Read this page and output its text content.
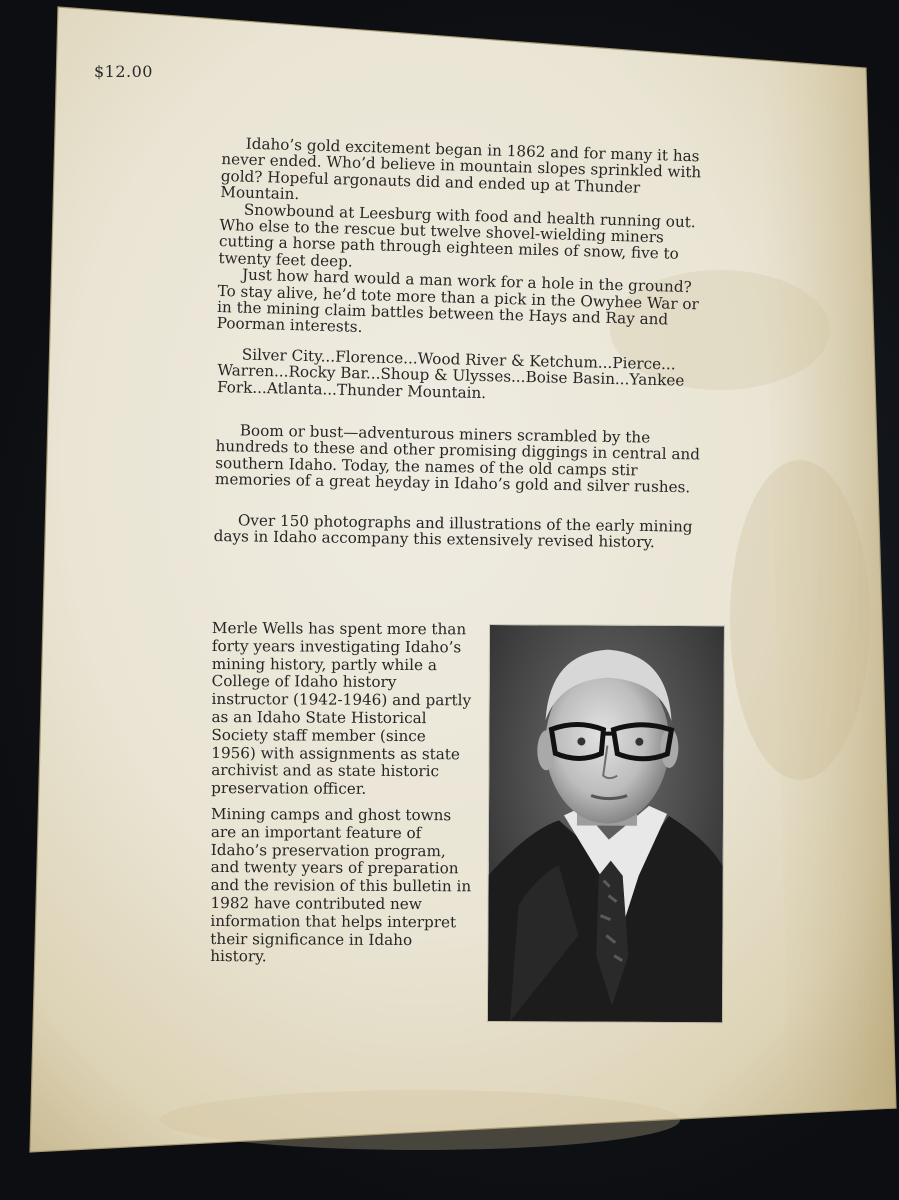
$12.00

Idaho’s gold excitement began in 1862 and for many it has never ended. Who’d believe in mountain slopes sprinkled with gold? Hopeful argonauts did and ended up at Thunder Mountain.

Snowbound at Leesburg with food and health running out. Who else to the rescue but twelve shovel-wielding miners cutting a horse path through eighteen miles of snow, five to twenty feet deep.

Just how hard would a man work for a hole in the ground? To stay alive, he’d tote more than a pick in the Owyhee War or in the mining claim battles between the Hays and Ray and Poorman interests.

Silver City...Florence...Wood River & Ketchum...Pierce... Warren...Rocky Bar...Shoup & Ulysses...Boise Basin...Yankee Fork...Atlanta...Thunder Mountain.

Boom or bust—adventurous miners scrambled by the hundreds to these and other promising diggings in central and southern Idaho. Today, the names of the old camps stir memories of a great heyday in Idaho’s gold and silver rushes.

Over 150 photographs and illustrations of the early mining days in Idaho accompany this extensively revised history.

Merle Wells has spent more than forty years investigating Idaho’s mining history, partly while a College of Idaho history instructor (1942-1946) and partly as an Idaho State Historical Society staff member (since 1956) with assignments as state archivist and as state historic preservation officer.

Mining camps and ghost towns are an important feature of Idaho’s preservation program, and twenty years of preparation and the revision of this bulletin in 1982 have contributed new information that helps interpret their significance in Idaho history.
